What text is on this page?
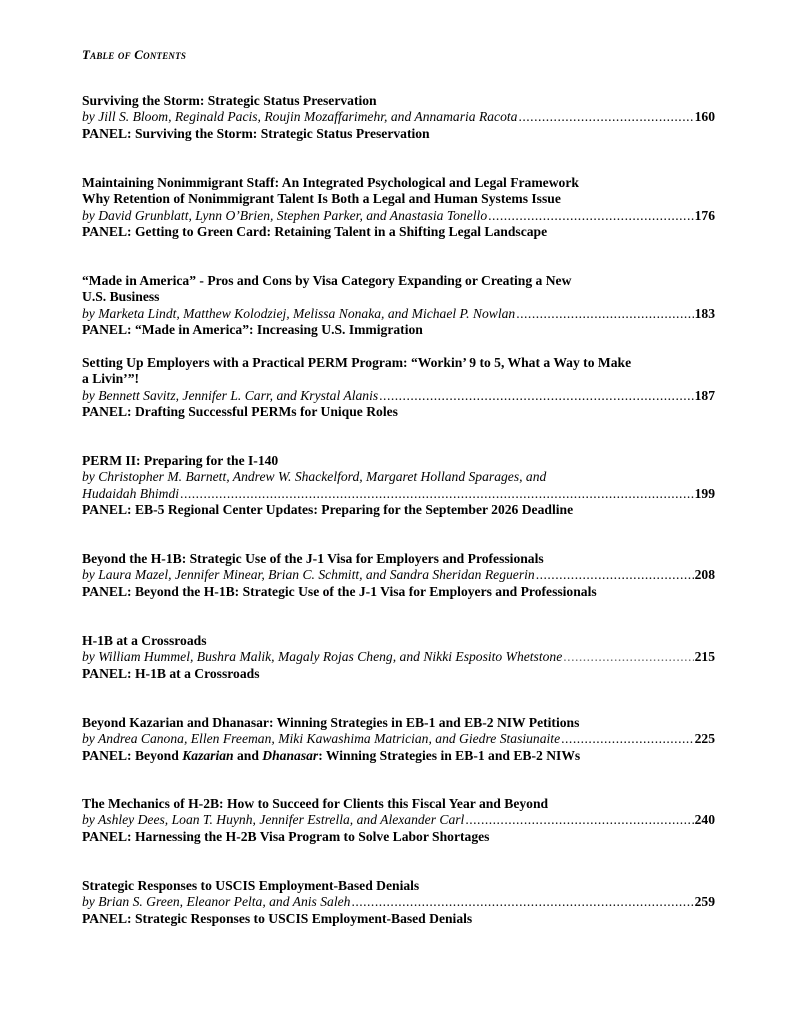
Table of Contents
Surviving the Storm: Strategic Status Preservation
by Jill S. Bloom, Reginald Pacis, Roujin Mozaffarimehr, and Annamaria Racota .....	160
PANEL: Surviving the Storm: Strategic Status Preservation
Maintaining Nonimmigrant Staff: An Integrated Psychological and Legal Framework
Why Retention of Nonimmigrant Talent Is Both a Legal and Human Systems Issue
by David Grunblatt, Lynn O’Brien, Stephen Parker, and Anastasia Tonello .....	176
PANEL: Getting to Green Card: Retaining Talent in a Shifting Legal Landscape
“Made in America” - Pros and Cons by Visa Category Expanding or Creating a New
U.S. Business
by Marketa Lindt, Matthew Kolodziej, Melissa Nonaka, and Michael P. Nowlan .....	183
PANEL: “Made in America”: Increasing U.S. Immigration
Setting Up Employers with a Practical PERM Program: “Workin’ 9 to 5, What a Way to Make
a Livin’”!
by Bennett Savitz, Jennifer L. Carr, and Krystal Alanis .....	187
PANEL: Drafting Successful PERMs for Unique Roles
PERM II: Preparing for the I-140
by Christopher M. Barnett, Andrew W. Shackelford, Margaret Holland Sparages, and
Hudaidah Bhimdi .....	199
PANEL: EB-5 Regional Center Updates: Preparing for the September 2026 Deadline
Beyond the H-1B: Strategic Use of the J-1 Visa for Employers and Professionals
by Laura Mazel, Jennifer Minear, Brian C. Schmitt, and Sandra Sheridan Reguerin .....	208
PANEL: Beyond the H-1B: Strategic Use of the J-1 Visa for Employers and Professionals
H-1B at a Crossroads
by William Hummel, Bushra Malik, Magaly Rojas Cheng, and Nikki Esposito Whetstone .....	215
PANEL: H-1B at a Crossroads
Beyond Kazarian and Dhanasar: Winning Strategies in EB-1 and EB-2 NIW Petitions
by Andrea Canona, Ellen Freeman, Miki Kawashima Matrician, and Giedre Stasiunaite .....	225
PANEL: Beyond Kazarian and Dhanasar: Winning Strategies in EB-1 and EB-2 NIWs
The Mechanics of H-2B: How to Succeed for Clients this Fiscal Year and Beyond
by Ashley Dees, Loan T. Huynh, Jennifer Estrella, and Alexander Carl .....	240
PANEL: Harnessing the H-2B Visa Program to Solve Labor Shortages
Strategic Responses to USCIS Employment-Based Denials
by Brian S. Green, Eleanor Pelta, and Anis Saleh .....	259
PANEL: Strategic Responses to USCIS Employment-Based Denials
